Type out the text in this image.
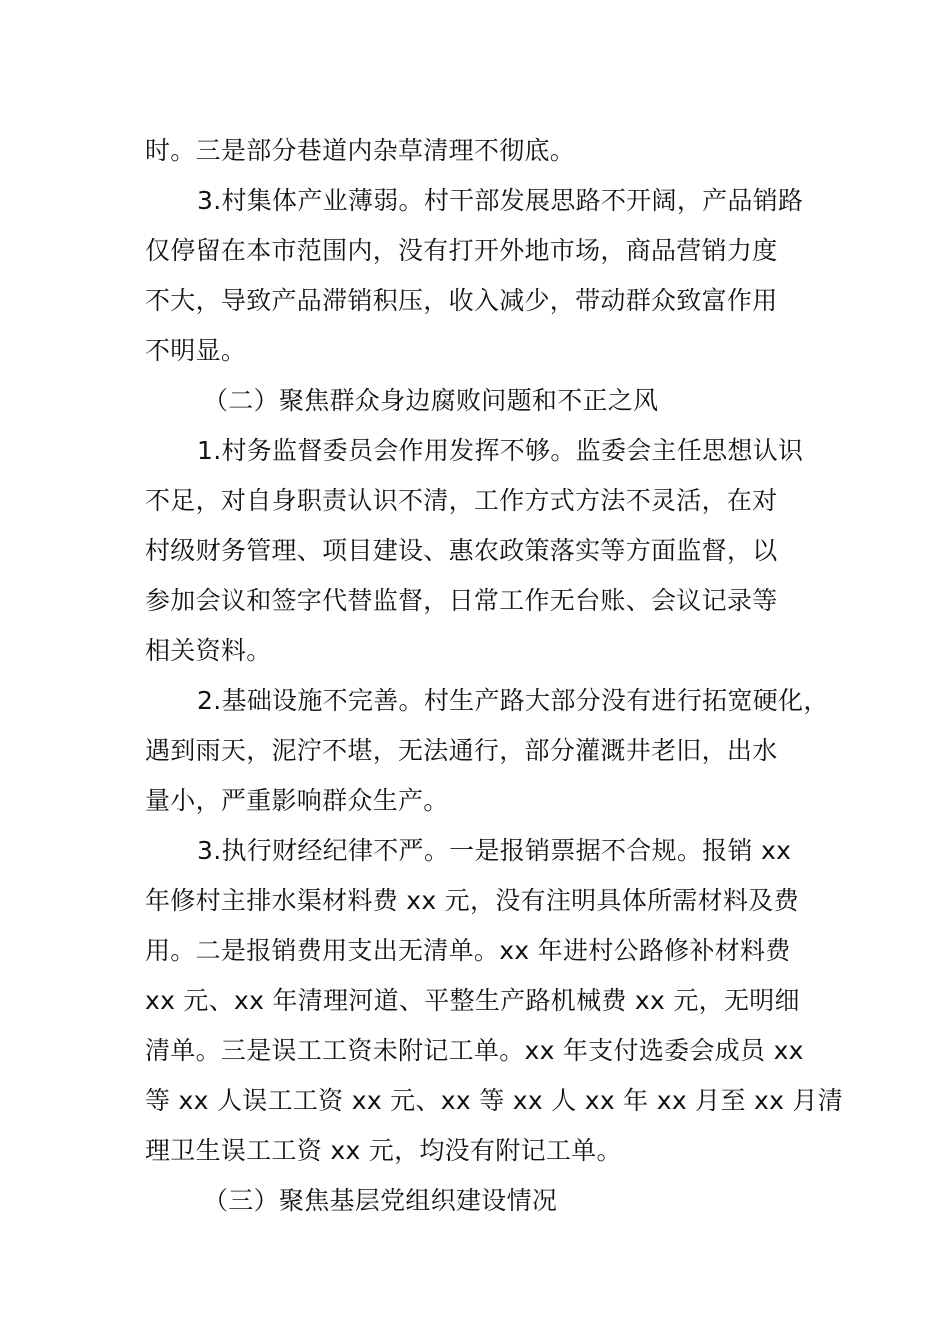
时。三是部分巷道内杂草清理不彻底。
3.村集体产业薄弱。村干部发展思路不开阔，产品销路
仅停留在本市范围内，没有打开外地市场，商品营销力度
不大，导致产品滞销积压，收入减少，带动群众致富作用
不明显。
（二）聚焦群众身边腐败问题和不正之风
1.村务监督委员会作用发挥不够。监委会主任思想认识
不足，对自身职责认识不清，工作方式方法不灵活，在对
村级财务管理、项目建设、惠农政策落实等方面监督，以
参加会议和签字代替监督，日常工作无台账、会议记录等
相关资料。
2.基础设施不完善。村生产路大部分没有进行拓宽硬化，
遇到雨天，泥泞不堪，无法通行，部分灌溉井老旧，出水
量小，严重影响群众生产。
3.执行财经纪律不严。一是报销票据不合规。报销 xx
年修村主排水渠材料费 xx 元，没有注明具体所需材料及费
用。二是报销费用支出无清单。xx 年进村公路修补材料费
xx 元、xx 年清理河道、平整生产路机械费 xx 元，无明细
清单。三是误工工资未附记工单。xx 年支付选委会成员 xx
等 xx 人误工工资 xx 元、xx 等 xx 人 xx 年 xx 月至 xx 月清
理卫生误工工资 xx 元，均没有附记工单。
（三）聚焦基层党组织建设情况
